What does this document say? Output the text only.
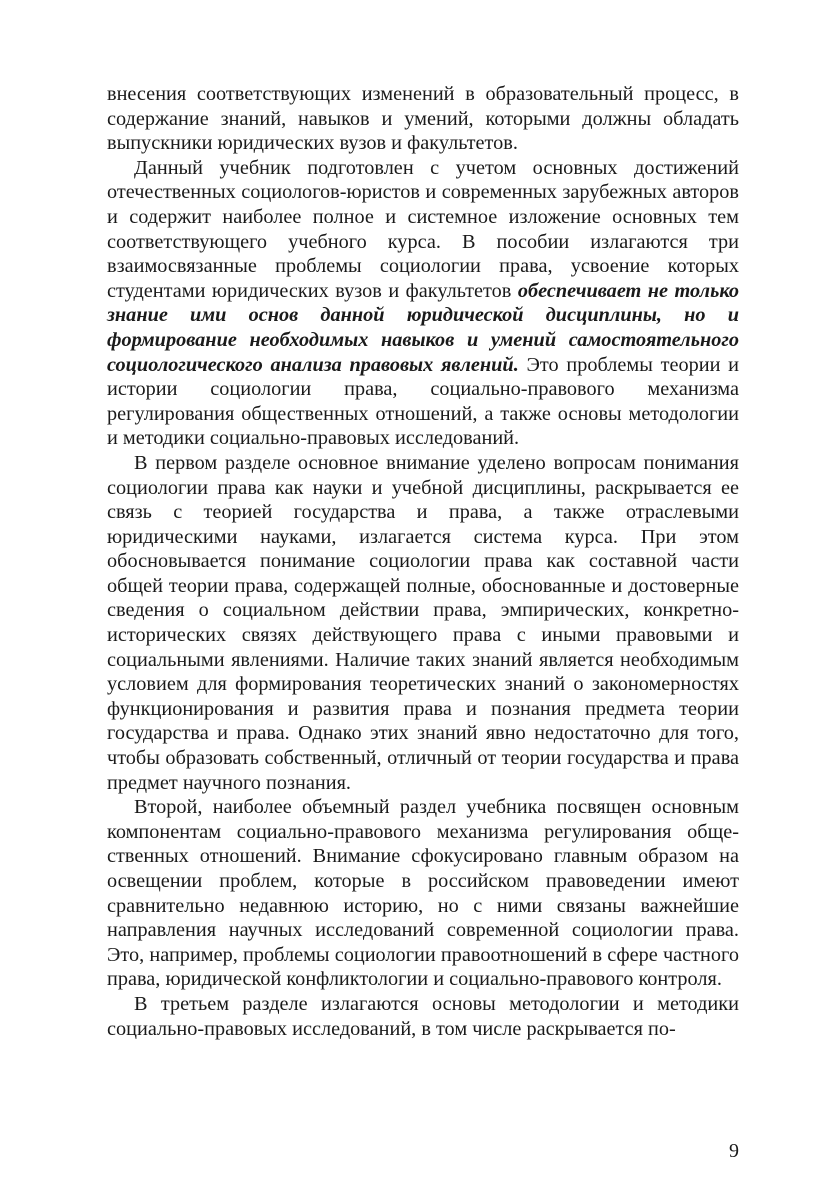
внесения соответствующих изменений в образовательный процесс, в содержание знаний, навыков и умений, которыми должны обладать выпускники юридических вузов и факультетов.

Данный учебник подготовлен с учетом основных достижений отечественных социологов-юристов и современных зарубежных авторов и содержит наиболее полное и системное изложение основных тем соответствующего учебного курса. В пособии излагаются три взаимосвязанные проблемы социологии права, усвоение которых студентами юридических вузов и факультетов обеспечивает не только знание ими основ данной юридической дисциплины, но и формирование необходимых навыков и умений самостоятельного социологического анализа правовых явлений. Это проблемы теории и истории социологии права, социально-правового механизма регулирования общественных отношений, а также основы методологии и методики социально-правовых исследований.

В первом разделе основное внимание уделено вопросам понимания социологии права как науки и учебной дисциплины, раскрывается ее связь с теорией государства и права, а также отраслевыми юридическими науками, излагается система курса. При этом обосновывается понимание социологии права как составной части общей теории права, содержащей полные, обоснованные и достоверные сведения о социальном действии права, эмпирических, конкретно-исторических связях действующего права с иными правовыми и социальными явлениями. Наличие таких знаний является необходимым условием для формирования теоретических знаний о закономерностях функционирования и развития права и познания предмета теории государства и права. Однако этих знаний явно недостаточно для того, чтобы образовать собственный, отличный от теории государства и права предмет научного познания.

Второй, наиболее объемный раздел учебника посвящен основным компонентам социально-правового механизма регулирования общественных отношений. Внимание сфокусировано главным образом на освещении проблем, которые в российском правоведении имеют сравнительно недавнюю историю, но с ними связаны важнейшие направления научных исследований современной социологии права. Это, например, проблемы социологии правоотношений в сфере частного права, юридической конфликтологии и социально-правового контроля.

В третьем разделе излагаются основы методологии и методики социально-правовых исследований, в том числе раскрывается по-

9
